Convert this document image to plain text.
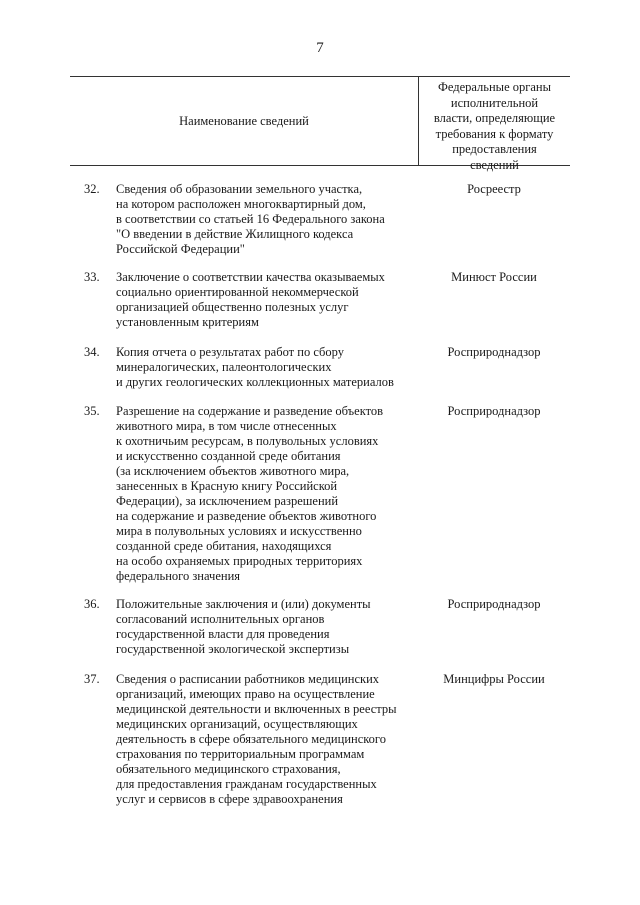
7
Наименование сведений
Федеральные органы
исполнительной
власти, определяющие
требования к формату
предоставления
сведений
32. Сведения об образовании земельного участка,
на котором расположен многоквартирный дом,
в соответствии со статьей 16 Федерального закона
"О введении в действие Жилищного кодекса
Российской Федерации"
Росреестр
33. Заключение о соответствии качества оказываемых
социально ориентированной некоммерческой
организацией общественно полезных услуг
установленным критериям
Минюст России
34. Копия отчета о результатах работ по сбору
минералогических, палеонтологических
и других геологических коллекционных материалов
Росприроднадзор
35. Разрешение на содержание и разведение объектов
животного мира, в том числе отнесенных
к охотничьим ресурсам, в полувольных условиях
и искусственно созданной среде обитания
(за исключением объектов животного мира,
занесенных в Красную книгу Российской
Федерации), за исключением разрешений
на содержание и разведение объектов животного
мира в полувольных условиях и искусственно
созданной среде обитания, находящихся
на особо охраняемых природных территориях
федерального значения
Росприроднадзор
36. Положительные заключения и (или) документы
согласований исполнительных органов
государственной власти для проведения
государственной экологической экспертизы
Росприроднадзор
37. Сведения о расписании работников медицинских
организаций, имеющих право на осуществление
медицинской деятельности и включенных в реестры
медицинских организаций, осуществляющих
деятельность в сфере обязательного медицинского
страхования по территориальным программам
обязательного медицинского страхования,
для предоставления гражданам государственных
услуг и сервисов в сфере здравоохранения
Минцифры России
